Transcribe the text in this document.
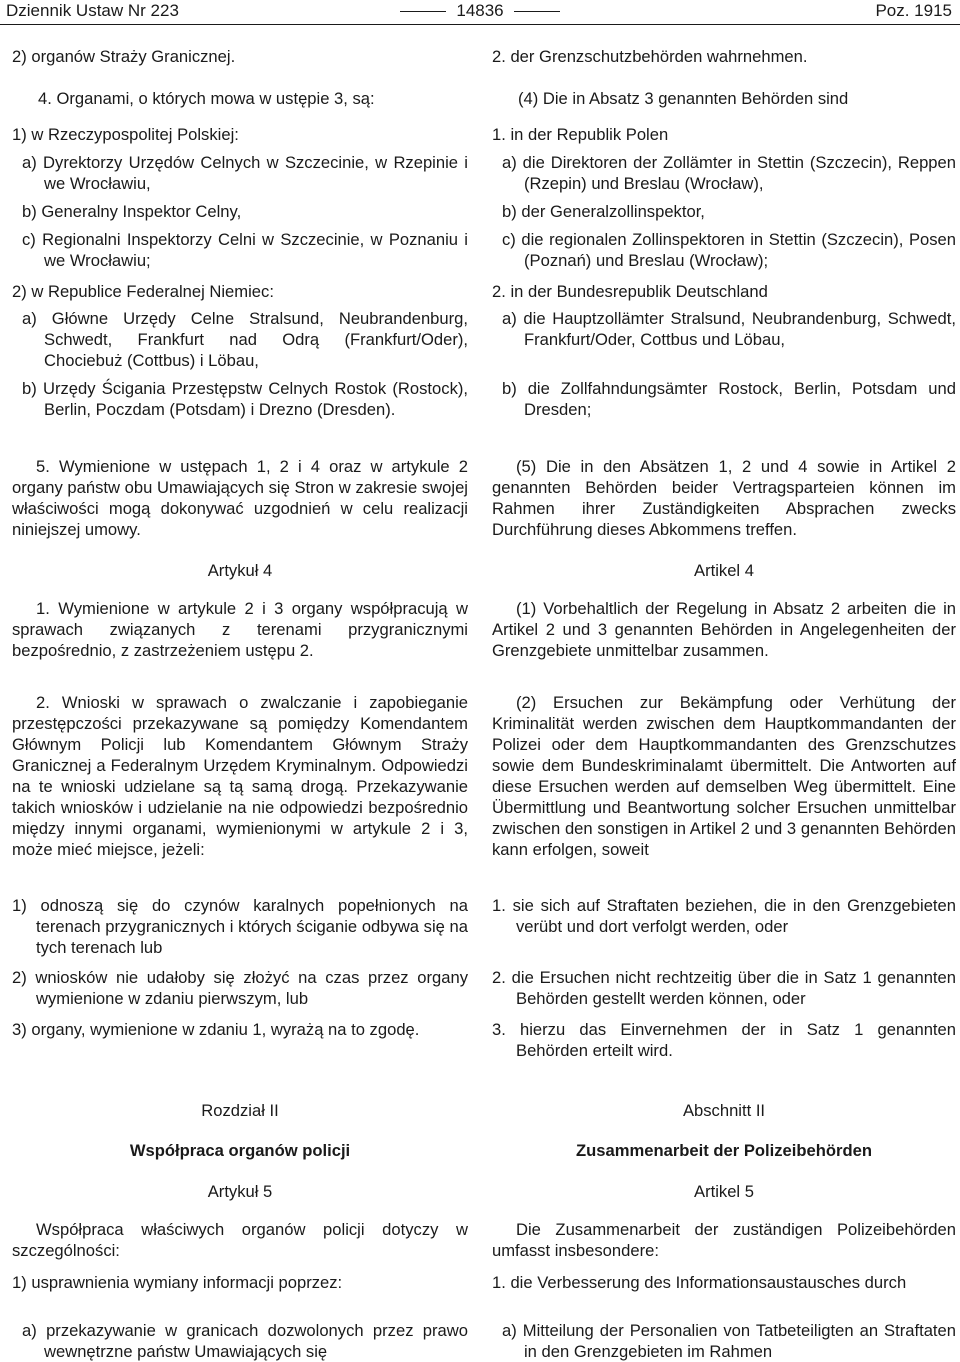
Dziennik Ustaw Nr 223	14836	Poz. 1915

2) organów Straży Granicznej.

4. Organami, o których mowa w ustępie 3, są:

1) w Rzeczypospolitej Polskiej:

a) Dyrektorzy Urzędów Celnych w Szczecinie, w Rzepinie i we Wrocławiu,

b) Generalny Inspektor Celny,

c) Regionalni Inspektorzy Celni w Szczecinie, w Poznaniu i we Wrocławiu;

2) w Republice Federalnej Niemiec:

a) Główne Urzędy Celne Stralsund, Neubrandenburg, Schwedt, Frankfurt nad Odrą (Frankfurt/Oder), Chociebuż (Cottbus) i Löbau,

b) Urzędy Ścigania Przestępstw Celnych Rostok (Rostock), Berlin, Poczdam (Potsdam) i Drezno (Dresden).

5. Wymienione w ustępach 1, 2 i 4 oraz w artykule 2 organy państw obu Umawiających się Stron w zakresie swojej właściwości mogą dokonywać uzgodnień w celu realizacji niniejszej umowy.

Artykuł 4

1. Wymienione w artykule 2 i 3 organy współpracują w sprawach związanych z terenami przygranicznymi bezpośrednio, z zastrzeżeniem ustępu 2.

2. Wnioski w sprawach o zwalczanie i zapobieganie przestępczości przekazywane są pomiędzy Komendantem Głównym Policji lub Komendantem Głównym Straży Granicznej a Federalnym Urzędem Kryminalnym. Odpowiedzi na te wnioski udzielane są tą samą drogą. Przekazywanie takich wniosków i udzielanie na nie odpowiedzi bezpośrednio między innymi organami, wymienionymi w artykule 2 i 3, może mieć miejsce, jeżeli:

1) odnoszą się do czynów karalnych popełnionych na terenach przygranicznych i których ściganie odbywa się na tych terenach lub

2) wniosków nie udałoby się złożyć na czas przez organy wymienione w zdaniu pierwszym, lub

3) organy, wymienione w zdaniu 1, wyrażą na to zgodę.

Rozdział II

Współpraca organów policji

Artykuł 5

Współpraca właściwych organów policji dotyczy w szczególności:

1) usprawnienia wymiany informacji poprzez:

a) przekazywanie w granicach dozwolonych przez prawo wewnętrzne państw Umawiających się

2. der Grenzschutzbehörden wahrnehmen.

(4) Die in Absatz 3 genannten Behörden sind

1. in der Republik Polen

a) die Direktoren der Zollämter in Stettin (Szczecin), Reppen (Rzepin) und Breslau (Wrocław),

b) der Generalzollinspektor,

c) die regionalen Zollinspektoren in Stettin (Szczecin), Posen (Poznań) und Breslau (Wrocław);

2. in der Bundesrepublik Deutschland

a) die Hauptzollämter Stralsund, Neubrandenburg, Schwedt, Frankfurt/Oder, Cottbus und Löbau,

b) die Zollfahndungsämter Rostock, Berlin, Potsdam und Dresden;

(5) Die in den Absätzen 1, 2 und 4 sowie in Artikel 2 genannten Behörden beider Vertragsparteien können im Rahmen ihrer Zuständigkeiten Absprachen zwecks Durchführung dieses Abkommens treffen.

Artikel 4

(1) Vorbehaltlich der Regelung in Absatz 2 arbeiten die in Artikel 2 und 3 genannten Behörden in Angelegenheiten der Grenzgebiete unmittelbar zusammen.

(2) Ersuchen zur Bekämpfung oder Verhütung der Kriminalität werden zwischen dem Hauptkommandanten der Polizei oder dem Hauptkommandanten des Grenzschutzes sowie dem Bundeskriminalamt übermittelt. Die Antworten auf diese Ersuchen werden auf demselben Weg übermittelt. Eine Übermittlung und Beantwortung solcher Ersuchen unmittelbar zwischen den sonstigen in Artikel 2 und 3 genannten Behörden kann erfolgen, soweit

1. sie sich auf Straftaten beziehen, die in den Grenzgebieten verübt und dort verfolgt werden, oder

2. die Ersuchen nicht rechtzeitig über die in Satz 1 genannten Behörden gestellt werden können, oder

3. hierzu das Einvernehmen der in Satz 1 genannten Behörden erteilt wird.

Abschnitt II

Zusammenarbeit der Polizeibehörden

Artikel 5

Die Zusammenarbeit der zuständigen Polizeibehörden umfasst insbesondere:

1. die Verbesserung des Informationsaustausches durch

a) Mitteilung der Personalien von Tatbeteiligten an Straftaten in den Grenzgebieten im Rahmen
